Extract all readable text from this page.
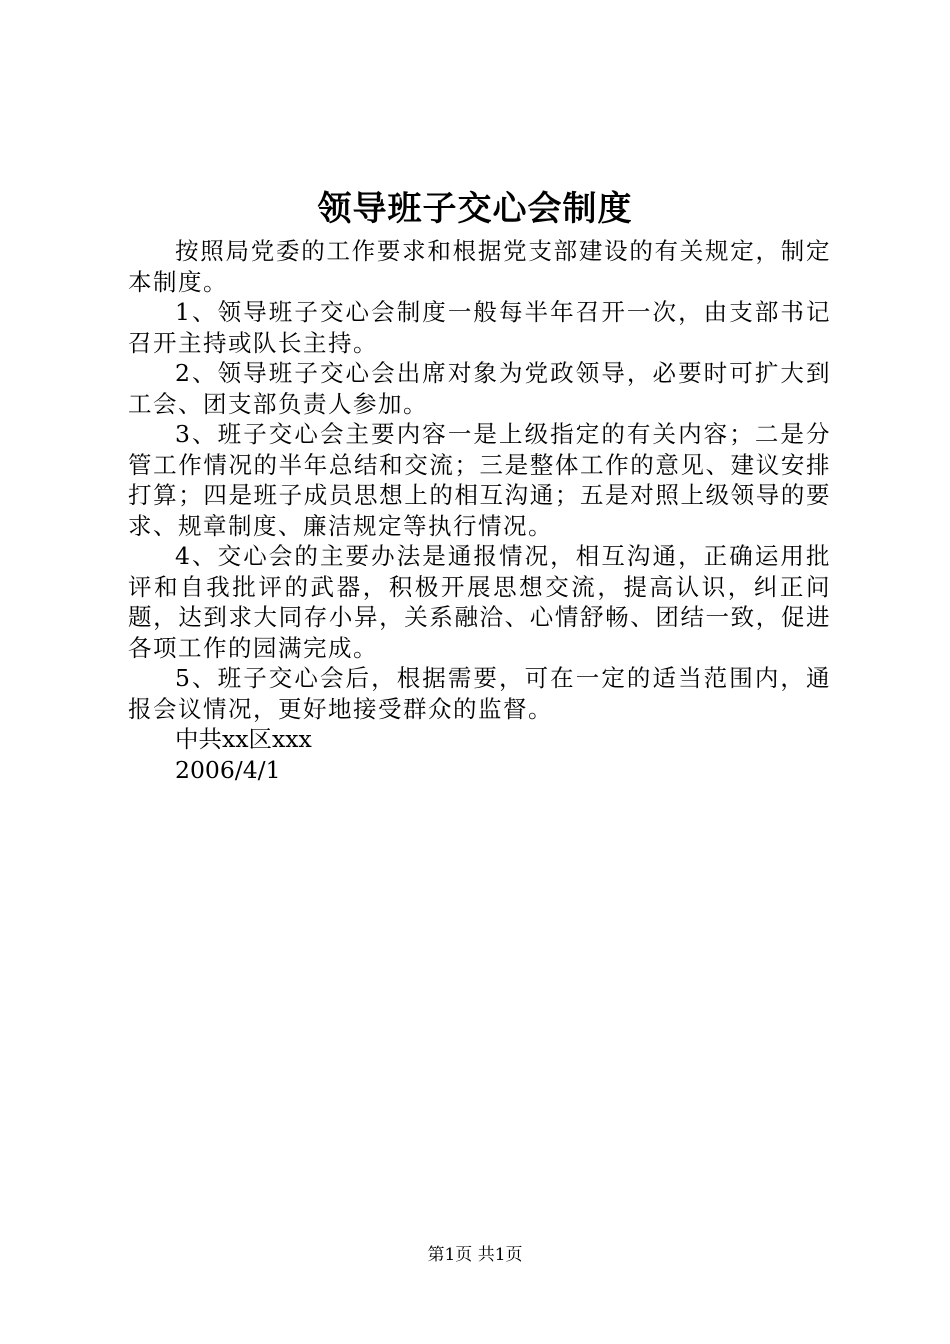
领导班子交心会制度

按照局党委的工作要求和根据党支部建设的有关规定，制定本制度。

1、领导班子交心会制度一般每半年召开一次，由支部书记召开主持或队长主持。

2、领导班子交心会出席对象为党政领导，必要时可扩大到工会、团支部负责人参加。

3、班子交心会主要内容一是上级指定的有关内容；二是分管工作情况的半年总结和交流；三是整体工作的意见、建议安排打算；四是班子成员思想上的相互沟通；五是对照上级领导的要求、规章制度、廉洁规定等执行情况。

4、交心会的主要办法是通报情况，相互沟通，正确运用批评和自我批评的武器，积极开展思想交流，提高认识，纠正问题，达到求大同存小异，关系融洽、心情舒畅、团结一致，促进各项工作的园满完成。

5、班子交心会后，根据需要，可在一定的适当范围内，通报会议情况，更好地接受群众的监督。

中共xx区xxx

2006/4/1

第1页 共1页
